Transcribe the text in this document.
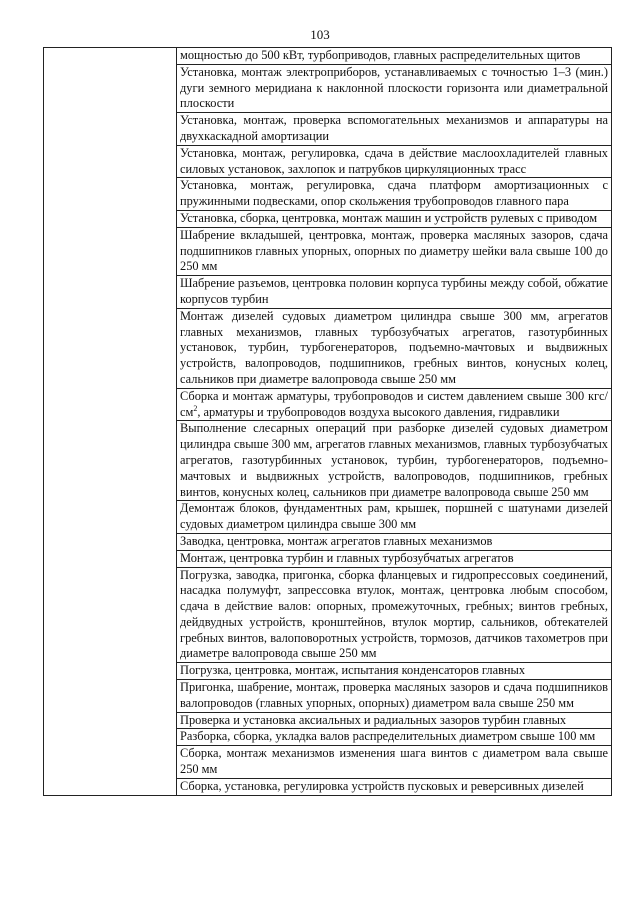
103
	мощностью до 500 кВт, турбоприводов, главных распределительных щитов
Установка, монтаж электроприборов, устанавливаемых с точностью 1–3 (мин.) дуги земного меридиана к наклонной плоскости горизонта или диаметральной плоскости
Установка, монтаж, проверка вспомогательных механизмов и аппаратуры на двухкаскадной амортизации
Установка, монтаж, регулировка, сдача в действие маслоохладителей главных силовых установок, захлопок и патрубков циркуляционных трасс
Установка, монтаж, регулировка, сдача платформ амортизационных с пружинными подвесками, опор скольжения трубопроводов главного пара
Установка, сборка, центровка, монтаж машин и устройств рулевых с приводом
Шабрение вкладышей, центровка, монтаж, проверка масляных зазоров, сдача подшипников главных упорных, опорных по диаметру шейки вала свыше 100 до 250 мм
Шабрение разъемов, центровка половин корпуса турбины между собой, обжатие корпусов турбин
Монтаж дизелей судовых диаметром цилиндра свыше 300 мм, агрегатов главных механизмов, главных турбозубчатых агрегатов, газотурбинных установок, турбин, турбогенераторов, подъемно-мачтовых и выдвижных устройств, валопроводов, подшипников, гребных винтов, конусных колец, сальников при диаметре валопровода свыше 250 мм
Сборка и монтаж арматуры, трубопроводов и систем давлением свыше 300 кгс/$см^2$, арматуры и трубопроводов воздуха высокого давления, гидравлики
Выполнение слесарных операций при разборке дизелей судовых диаметром цилиндра свыше 300 мм, агрегатов главных механизмов, главных турбозубчатых агрегатов, газотурбинных установок, турбин, турбогенераторов, подъемно-мачтовых и выдвижных устройств, валопроводов, подшипников, гребных винтов, конусных колец, сальников при диаметре валопровода свыше 250 мм
Демонтаж блоков, фундаментных рам, крышек, поршней с шатунами дизелей судовых диаметром цилиндра свыше 300 мм
Заводка, центровка, монтаж агрегатов главных механизмов
Монтаж, центровка турбин и главных турбозубчатых агрегатов
Погрузка, заводка, пригонка, сборка фланцевых и гидропрессовых соединений, насадка полумуфт, запрессовка втулок, монтаж, центровка любым способом, сдача в действие валов: опорных, промежуточных, гребных; винтов гребных, дейдвудных устройств, кронштейнов, втулок мортир, сальников, обтекателей гребных винтов, валоповоротных устройств, тормозов, датчиков тахометров при диаметре валопровода свыше 250 мм
Погрузка, центровка, монтаж, испытания конденсаторов главных
Пригонка, шабрение, монтаж, проверка масляных зазоров и сдача подшипников валопроводов (главных упорных, опорных) диаметром вала свыше 250 мм
Проверка и установка аксиальных и радиальных зазоров турбин главных
Разборка, сборка, укладка валов распределительных диаметром свыше 100 мм
Сборка, монтаж механизмов изменения шага винтов с диаметром вала свыше 250 мм
Сборка, установка, регулировка устройств пусковых и реверсивных дизелей
